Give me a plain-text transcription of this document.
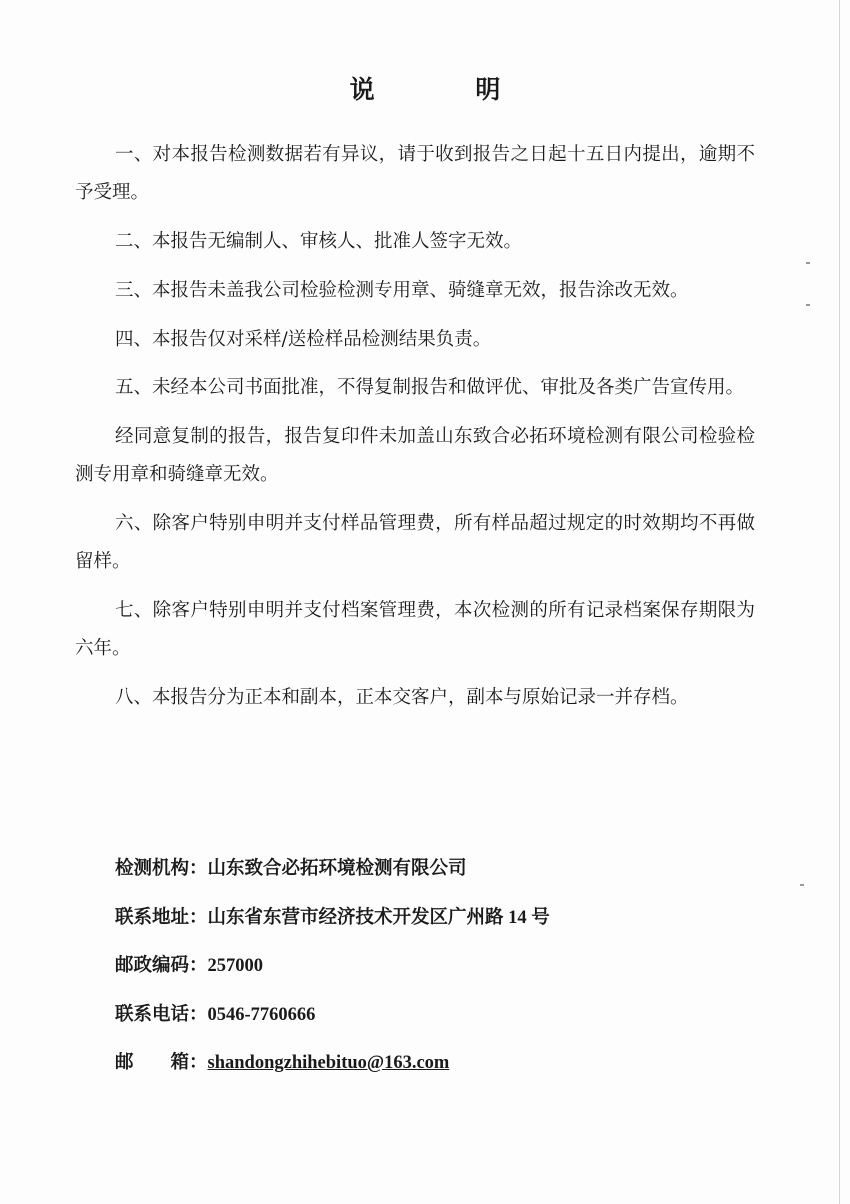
说 明

一、对本报告检测数据若有异议，请于收到报告之日起十五日内提出，逾期不予受理。

二、本报告无编制人、审核人、批准人签字无效。

三、本报告未盖我公司检验检测专用章、骑缝章无效，报告涂改无效。

四、本报告仅对采样/送检样品检测结果负责。

五、未经本公司书面批准，不得复制报告和做评优、审批及各类广告宣传用。

经同意复制的报告，报告复印件未加盖山东致合必拓环境检测有限公司检验检测专用章和骑缝章无效。

六、除客户特别申明并支付样品管理费，所有样品超过规定的时效期均不再做留样。

七、除客户特别申明并支付档案管理费，本次检测的所有记录档案保存期限为六年。

八、本报告分为正本和副本，正本交客户，副本与原始记录一并存档。

检测机构：山东致合必拓环境检测有限公司
联系地址：山东省东营市经济技术开发区广州路 14 号
邮政编码：257000
联系电话：0546-7760666
邮　　箱：shandongzhihebituo@163.com
